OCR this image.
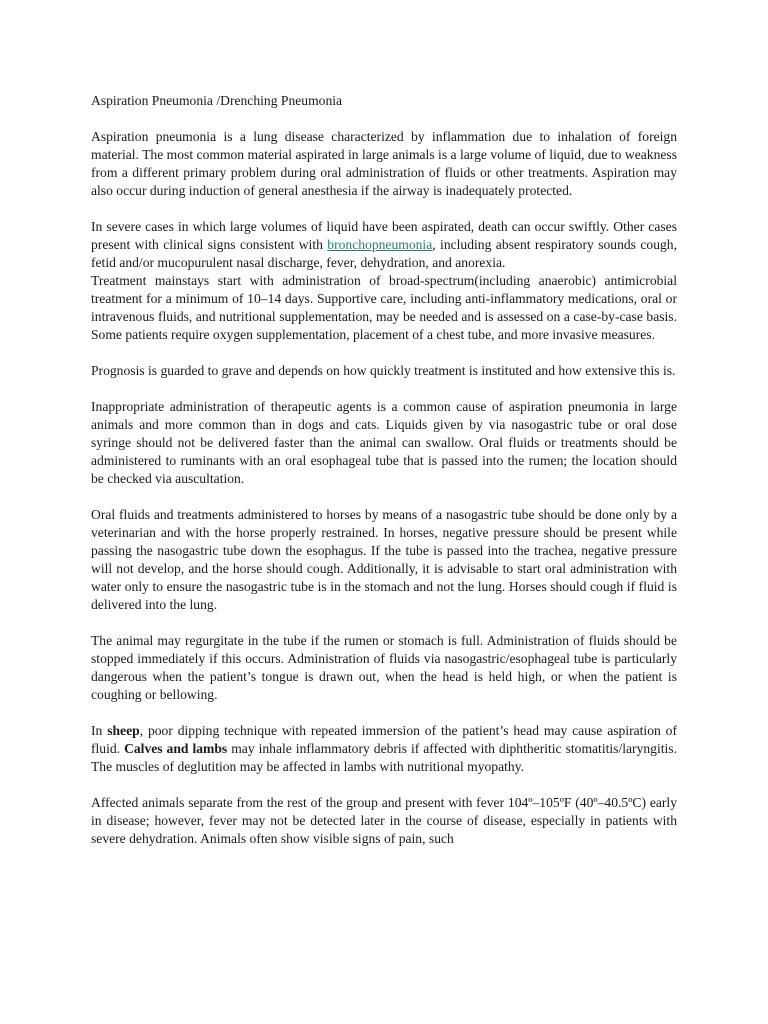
Aspiration Pneumonia /Drenching Pneumonia

Aspiration pneumonia is a lung disease characterized by inflammation due to inhalation of foreign material. The most common material aspirated in large animals is a large volume of liquid, due to weakness from a different primary problem during oral administration of fluids or other treatments. Aspiration may also occur during induction of general anesthesia if the airway is inadequately protected.

In severe cases in which large volumes of liquid have been aspirated, death can occur swiftly. Other cases present with clinical signs consistent with bronchopneumonia, including absent respiratory sounds cough, fetid and/or mucopurulent nasal discharge, fever, dehydration, and anorexia.

Treatment mainstays start with administration of broad-spectrum(including anaerobic) antimicrobial treatment for a minimum of 10–14 days. Supportive care, including anti-inflammatory medications, oral or intravenous fluids, and nutritional supplementation, may be needed and is assessed on a case-by-case basis. Some patients require oxygen supplementation, placement of a chest tube, and more invasive measures.

Prognosis is guarded to grave and depends on how quickly treatment is instituted and how extensive this is.

Inappropriate administration of therapeutic agents is a common cause of aspiration pneumonia in large animals and more common than in dogs and cats. Liquids given by via nasogastric tube or oral dose syringe should not be delivered faster than the animal can swallow. Oral fluids or treatments should be administered to ruminants with an oral esophageal tube that is passed into the rumen; the location should be checked via auscultation.

Oral fluids and treatments administered to horses by means of a nasogastric tube should be done only by a veterinarian and with the horse properly restrained. In horses, negative pressure should be present while passing the nasogastric tube down the esophagus. If the tube is passed into the trachea, negative pressure will not develop, and the horse should cough. Additionally, it is advisable to start oral administration with water only to ensure the nasogastric tube is in the stomach and not the lung. Horses should cough if fluid is delivered into the lung.

The animal may regurgitate in the tube if the rumen or stomach is full. Administration of fluids should be stopped immediately if this occurs. Administration of fluids via nasogastric/esophageal tube is particularly dangerous when the patient’s tongue is drawn out, when the head is held high, or when the patient is coughing or bellowing.

In sheep, poor dipping technique with repeated immersion of the patient’s head may cause aspiration of fluid. Calves and lambs may inhale inflammatory debris if affected with diphtheritic stomatitis/laryngitis. The muscles of deglutition may be affected in lambs with nutritional myopathy.

Affected animals separate from the rest of the group and present with fever 104º–105ºF (40º–40.5ºC) early in disease; however, fever may not be detected later in the course of disease, especially in patients with severe dehydration. Animals often show visible signs of pain, such
